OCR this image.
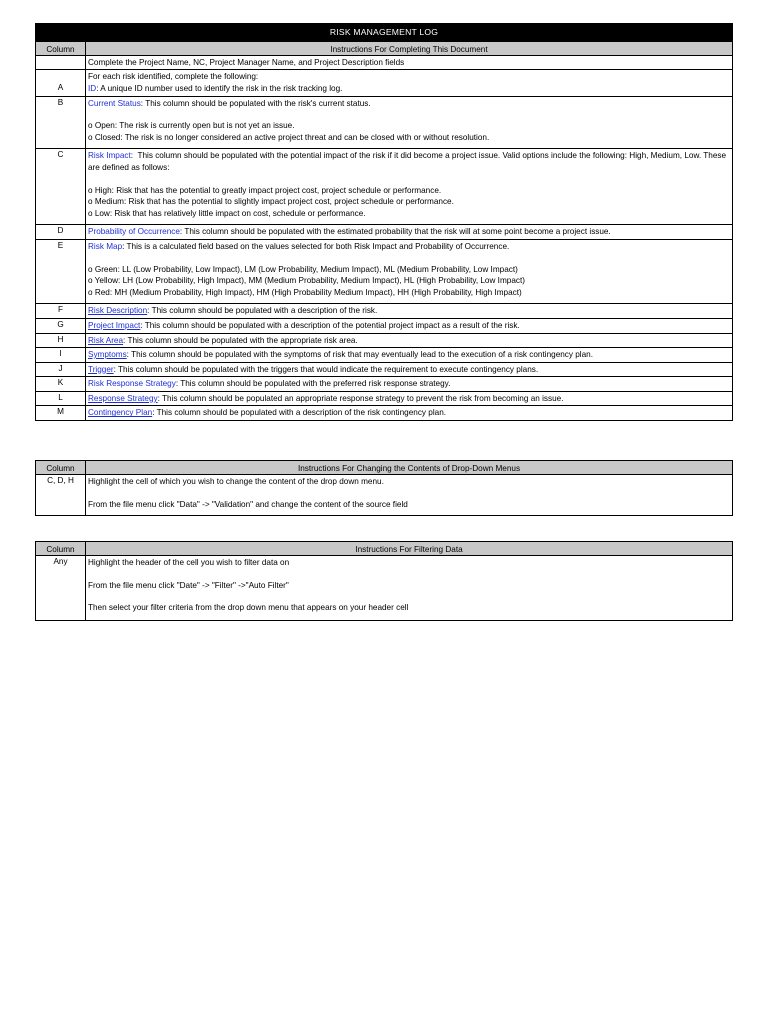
RISK MANAGEMENT LOG
Column	Instructions For Completing This Document
Complete the Project Name, NC, Project Manager Name, and Project Description fields
For each risk identified, complete the following:
A	ID: A unique ID number used to identify the risk in the risk tracking log.

B	Current Status: This column should be populated with the risk's current status.

o Open: The risk is currently open but is not yet an issue.

o Closed: The risk is no longer considered an active project threat and can be closed with or without resolution.

C	Risk Impact:  This column should be populated with the potential impact of the risk if it did become a project issue. Valid options include the following: High, Medium, Low. These are defined as follows:

o High: Risk that has the potential to greatly impact project cost, project schedule or performance.

o Medium: Risk that has the potential to slightly impact project cost, project schedule or performance.

o Low: Risk that has relatively little impact on cost, schedule or performance.

D	Probability of Occurrence: This column should be populated with the estimated probability that the risk will at some point become a project issue.

E	Risk Map: This is a calculated field based on the values selected for both Risk Impact and Probability of Occurrence.

o Green: LL (Low Probability, Low Impact), LM (Low Probability, Medium Impact), ML (Medium Probability, Low Impact)

o Yellow: LH (Low Probability, High Impact), MM (Medium Probability, Medium Impact), HL (High Probability, Low Impact)

o Red: MH (Medium Probability, High Impact), HM (High Probability Medium Impact), HH (High Probability, High Impact)

F	Risk Description: This column should be populated with a description of the risk.

G	Project Impact: This column should be populated with a description of the potential project impact as a result of the risk.

H	Risk Area: This column should be populated with the appropriate risk area.

I	Symptoms: This column should be populated with the symptoms of risk that may eventually lead to the execution of a risk contingency plan.

J	Trigger: This column should be populated with the triggers that would indicate the requirement to execute contingency plans.

K	Risk Response Strategy: This column should be populated with the preferred risk response strategy.

L	Response Strategy: This column should be populated an appropriate response strategy to prevent the risk from becoming an issue.

M	Contingency Plan: This column should be populated with a description of the risk contingency plan.

Column	Instructions For Changing the Contents of Drop-Down Menus
C, D, H	Highlight the cell of which you wish to change the content of the drop down menu.

From the file menu click "Data" -> "Validation" and change the content of the source field

Column	Instructions For Filtering Data
Any	Highlight the header of the cell you wish to filter data on

From the file menu click "Date" -> "Filter" ->"Auto Filter"

Then select your filter criteria from the drop down menu that appears on your header cell
